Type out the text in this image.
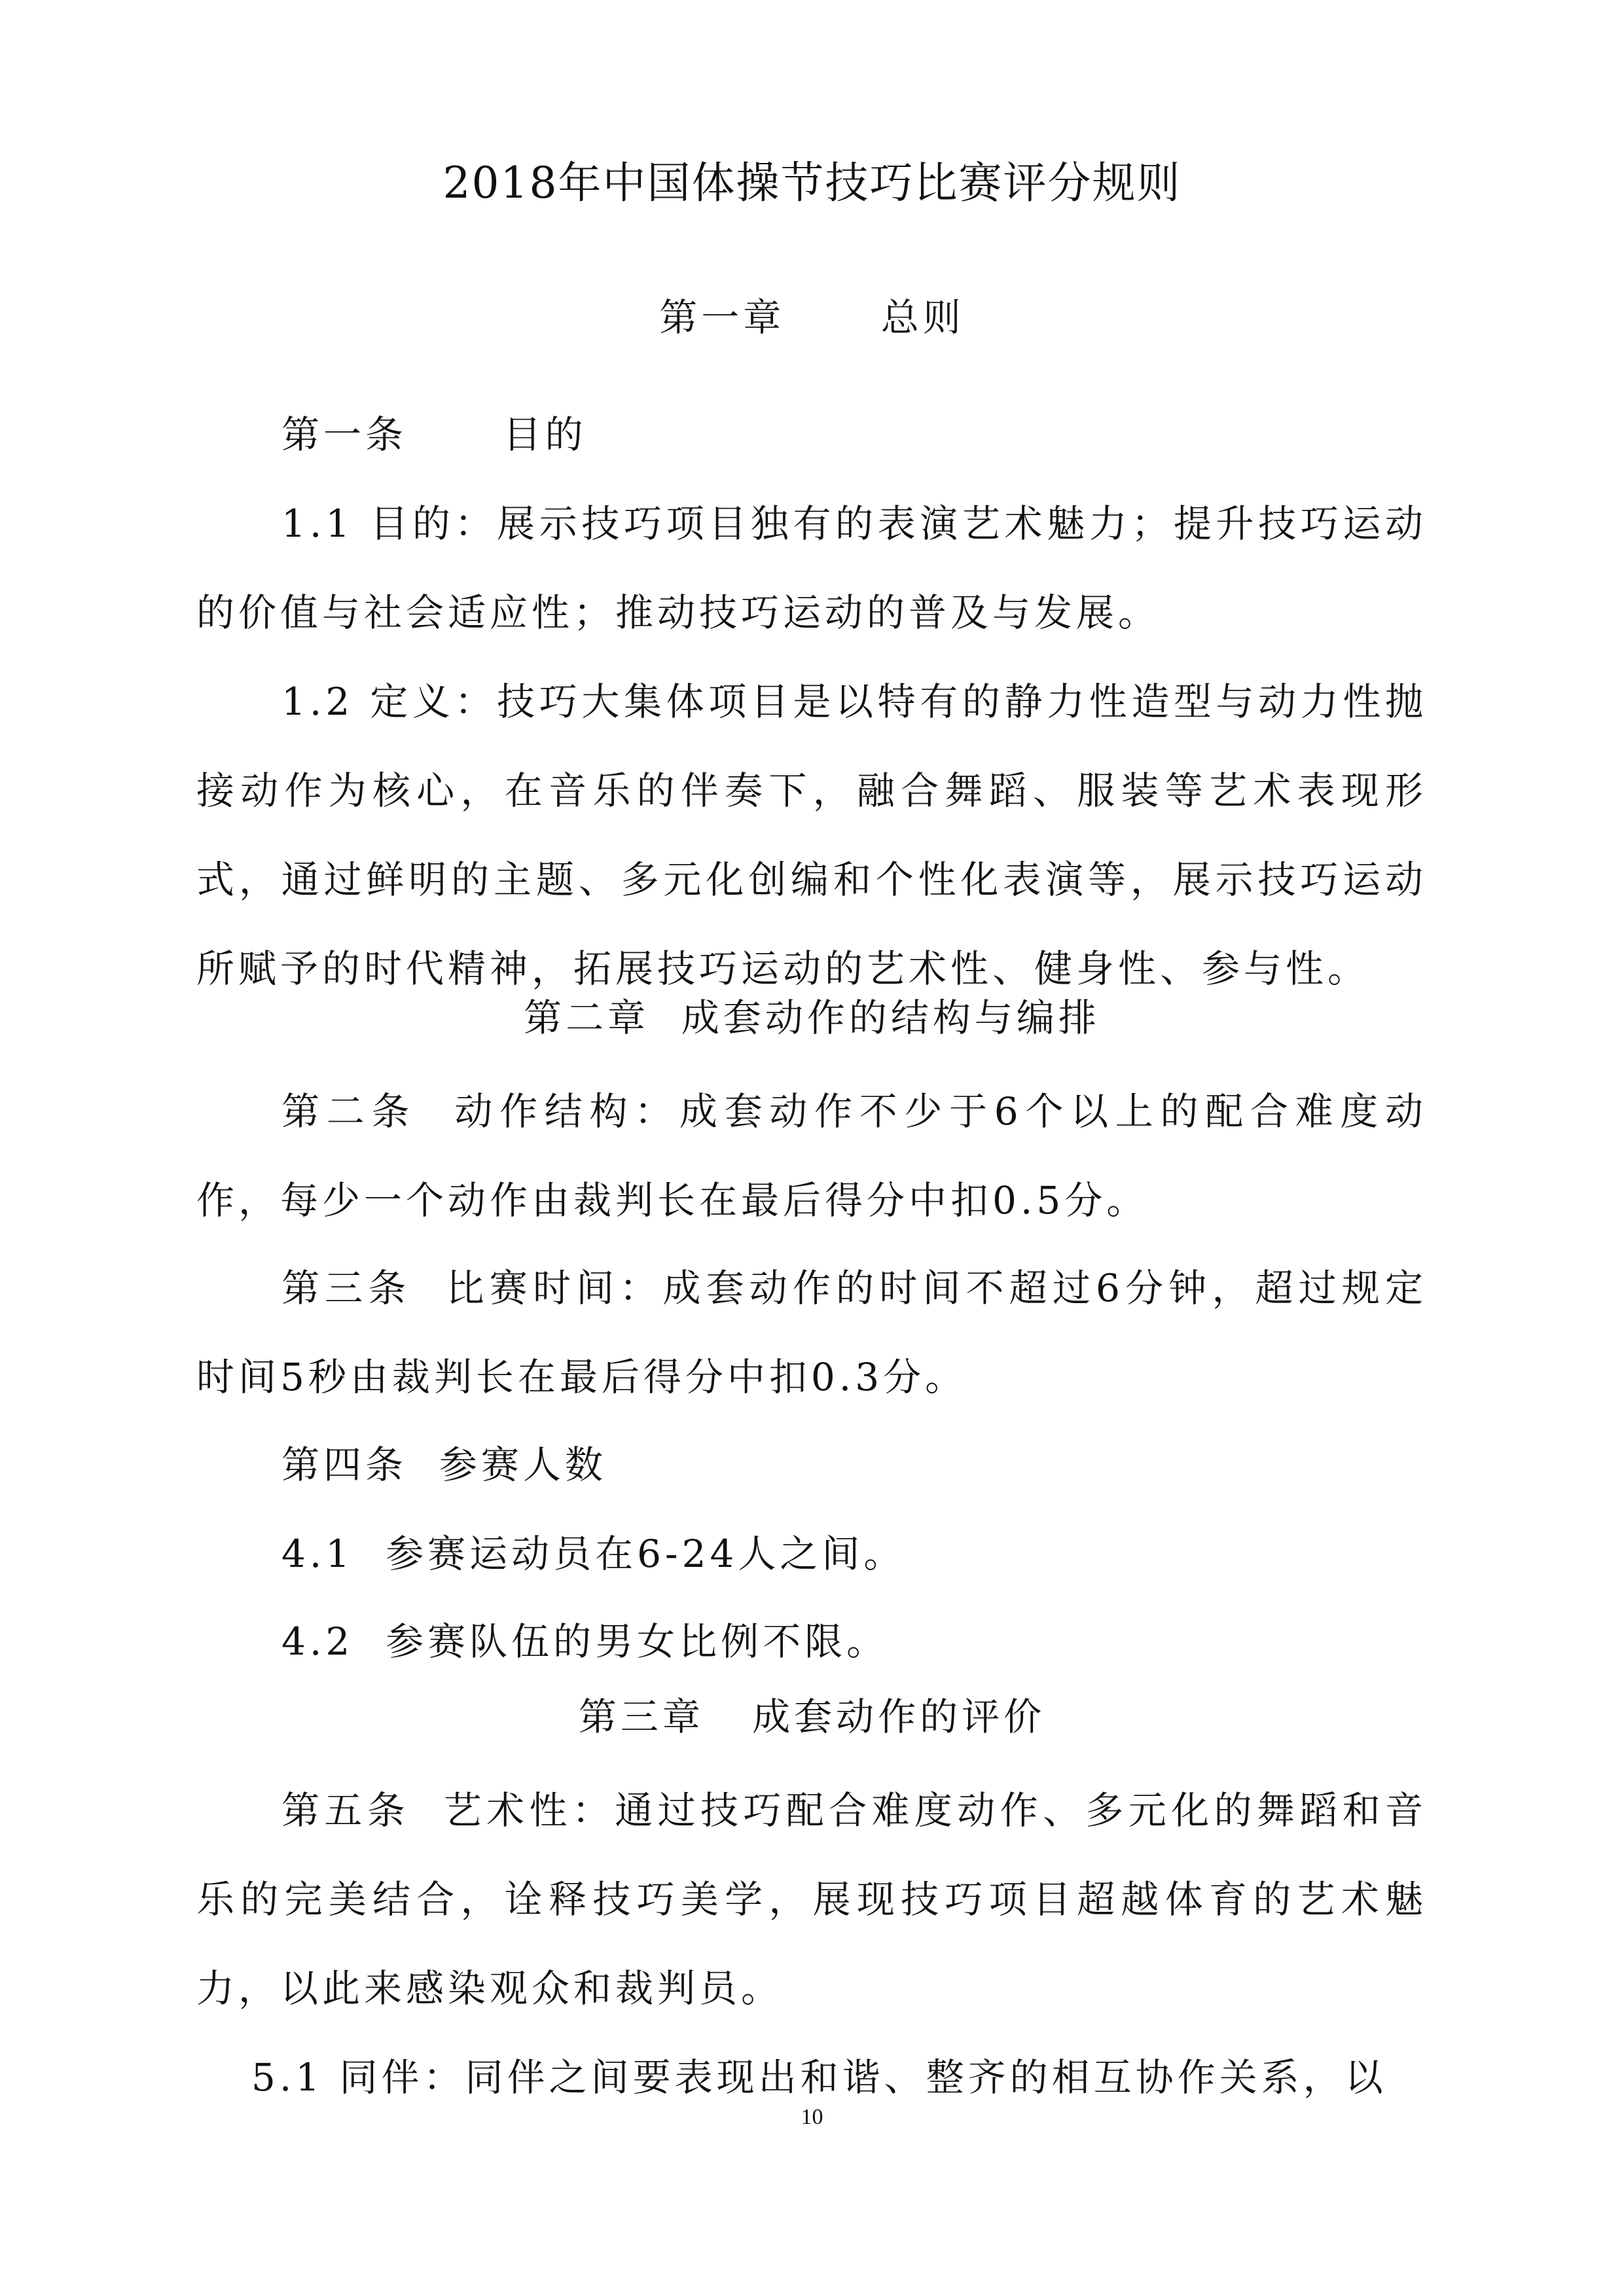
2018年中国体操节技巧比赛评分规则
第一章      总则
第一条      目的
1.1 目的：展示技巧项目独有的表演艺术魅力；提升技巧运动的价值与社会适应性；推动技巧运动的普及与发展。
1.2 定义：技巧大集体项目是以特有的静力性造型与动力性抛接动作为核心，在音乐的伴奏下，融合舞蹈、服装等艺术表现形式，通过鲜明的主题、多元化创编和个性化表演等，展示技巧运动所赋予的时代精神，拓展技巧运动的艺术性、健身性、参与性。
第二章  成套动作的结构与编排
第二条  动作结构：成套动作不少于6个以上的配合难度动作，每少一个动作由裁判长在最后得分中扣0.5分。
第三条  比赛时间：成套动作的时间不超过6分钟，超过规定时间5秒由裁判长在最后得分中扣0.3分。
第四条  参赛人数
4.1  参赛运动员在6-24人之间。
4.2  参赛队伍的男女比例不限。
第三章   成套动作的评价
第五条  艺术性：通过技巧配合难度动作、多元化的舞蹈和音乐的完美结合，诠释技巧美学，展现技巧项目超越体育的艺术魅力，以此来感染观众和裁判员。
5.1 同伴：同伴之间要表现出和谐、整齐的相互协作关系，以
10
